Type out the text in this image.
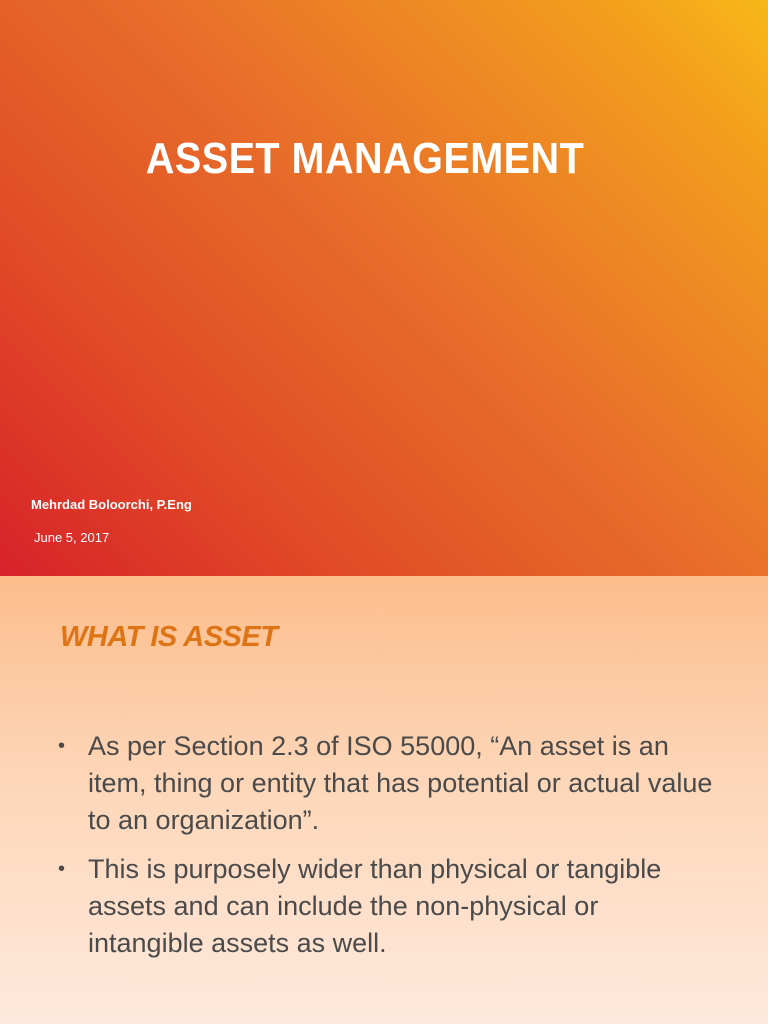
ASSET MANAGEMENT
Mehrdad Boloorchi, P.Eng
June 5, 2017
WHAT IS ASSET
• As per Section 2.3 of ISO 55000, “An asset is an item, thing or entity that has potential or actual value to an organization”.
• This is purposely wider than physical or tangible assets and can include the non-physical or intangible assets as well.
